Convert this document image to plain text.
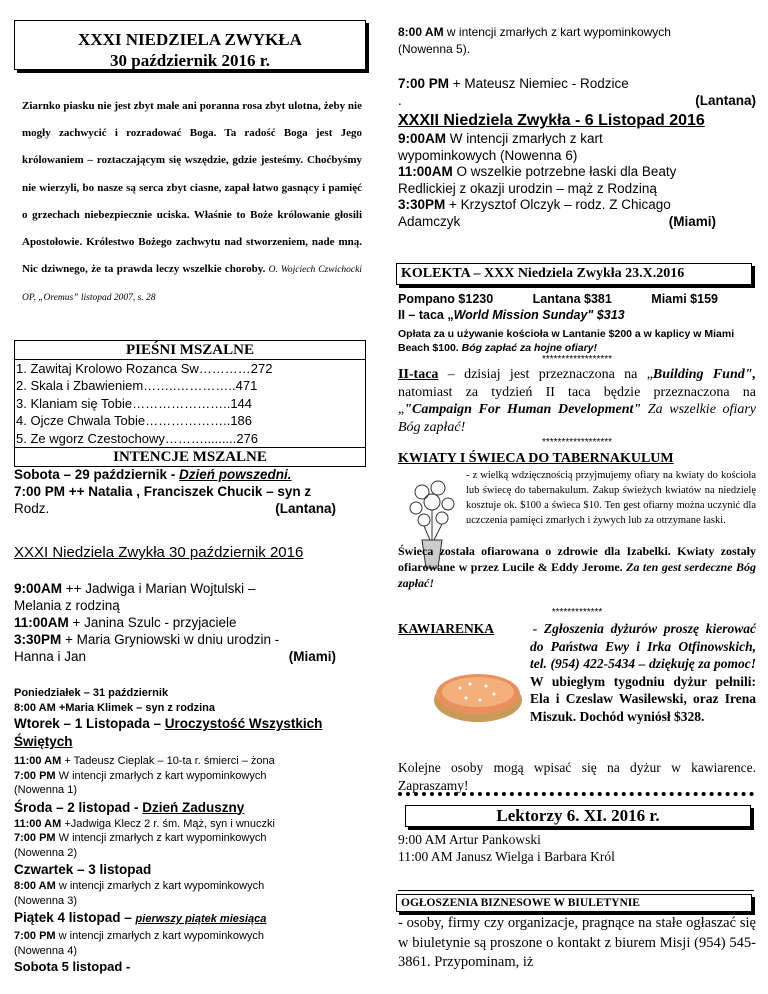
XXXI NIEDZIELA ZWYKŁA
30 październik 2016 r.
Ziarnko piasku nie jest zbyt małe ani poranna rosa zbyt ulotna, żeby nie mogły zachwycić i rozradować Boga. Ta radość Boga jest Jego królowaniem – roztaczającym się wszędzie, gdzie jesteśmy. Choćbyśmy nie wierzyli, bo nasze są serca zbyt ciasne, zapał łatwo gasnący i pamięć o grzechach niebezpiecznie uciska. Właśnie to Boże królowanie głosili Apostołowie. Królestwo Bożego zachwytu nad stworzeniem, nade mną. Nic dziwnego, że ta prawda leczy wszelkie choroby. O. Wojciech Czwichocki OP, „Oremus” listopad 2007, s. 28
PIEŚNI MSZALNE
1. Zawitaj Krolowo Rozanca Sw…………272
2. Skala i Zbawieniem……..…………..471
3. Klaniam się Tobie…………………..144
4. Ojcze Chwala Tobie………………..186
5. Ze wgorz Czestochowy……….........276
INTENCJE MSZALNE
Sobota – 29 październik - Dzień powszedni.
7:00 PM ++ Natalia , Franciszek Chucik – syn z
Rodz.	(Lantana)
XXXI Niedziela Zwykła 30 październik 2016
9:00AM ++ Jadwiga i Marian Wojtulski –
Melania z rodziną
11:00AM + Janina Szulc - przyjaciele
3:30PM + Maria Gryniowski w dniu urodzin -
Hanna i Jan	(Miami)
Poniedziałek – 31 październik
8:00 AM +Maria Klimek – syn z rodzina
Wtorek – 1 Listopada – Uroczystość Wszystkich Świętych
11:00 AM + Tadeusz Cieplak – 10-ta r. śmierci – żona
7:00 PM W intencji zmarłych z kart wypominkowych
(Nowenna 1)
Środa – 2 listopad - Dzień Zaduszny
11:00 AM +Jadwiga Klecz 2 r. śm. Mąż, syn i wnuczki
7:00 PM W intencji zmarłych z kart wypominkowych
(Nowenna 2)
Czwartek – 3 listopad
8:00 AM w intencji zmarłych z kart wypominkowych
(Nowenna 3)
Piątek 4 listopad – pierwszy piątek miesiąca
7:00 PM w intencji zmarłych z kart wypominkowych
(Nowenna 4)
Sobota 5 listopad -
8:00 AM w intencji zmarłych z kart wypominkowych
(Nowenna 5).
7:00 PM + Mateusz Niemiec - Rodzice
.	(Lantana)
XXXII Niedziela Zwykła - 6 Listopad 2016
9:00AM W intencji zmarłych z kart
wypominkowych (Nowenna 6)
11:00AM O wszelkie potrzebne łaski dla Beaty
Redlickiej z okazji urodzin – mąż z Rodziną
3:30PM + Krzysztof Olczyk – rodz. Z Chicago
Adamczyk	(Miami)
KOLEKTA – XXX Niedziela Zwykła 23.X.2016
Pompano $1230	Lantana $381	Miami $159
II – taca „World Mission Sunday" $313
Opłata za u używanie kościoła w Lantanie $200 a w kaplicy w Miami Beach $100. Bóg zapłać za hojne ofiary!
******************
II-taca – dzisiaj jest przeznaczona na „Building Fund", natomiast za tydzień II taca będzie przeznaczona na „"Campaign For Human Development" Za wszelkie ofiary Bóg zapłać!
******************
KWIATY I ŚWIECA DO TABERNAKULUM
- z wielką wdzięcznością przyjmujemy ofiary na kwiaty do kościoła lub świecę do tabernakulum. Zakup świeżych kwiatów na niedzielę kosztuje ok. $100 a świeca $10. Ten gest ofiarny można uczynić dla uczczenia pamięci zmarłych i żywych lub za otrzymane łaski.
Świeca została ofiarowana o zdrowie dla Izabelki. Kwiaty zostały ofiarowane w przez Lucile & Eddy Jerome. Za ten gest serdeczne Bóg zapłać!
*************
KAWIARENKA	- Zgłoszenia dyżurów proszę kierować do Państwa Ewy i Irka Otfinowskich, tel. (954) 422-5434 – dziękuję za pomoc! W ubiegłym tygodniu dyżur pełnili: Ela i Czeslaw Wasilewski, oraz Irena Miszuk. Dochód wyniósł $328.
Kolejne osoby mogą wpisać się na dyżur w kawiarence. Zapraszamy!
Lektorzy 6. XI. 2016 r.
9:00 AM Artur Pankowski
11:00 AM Janusz Wielga i Barbara Król
OGŁOSZENIA BIZNESOWE W BIULETYNIE
- osoby, firmy czy organizacje, pragnące na stałe ogłaszać się w biuletynie są proszone o kontakt z biurem Misji (954) 545-3861. Przypominam, iż
